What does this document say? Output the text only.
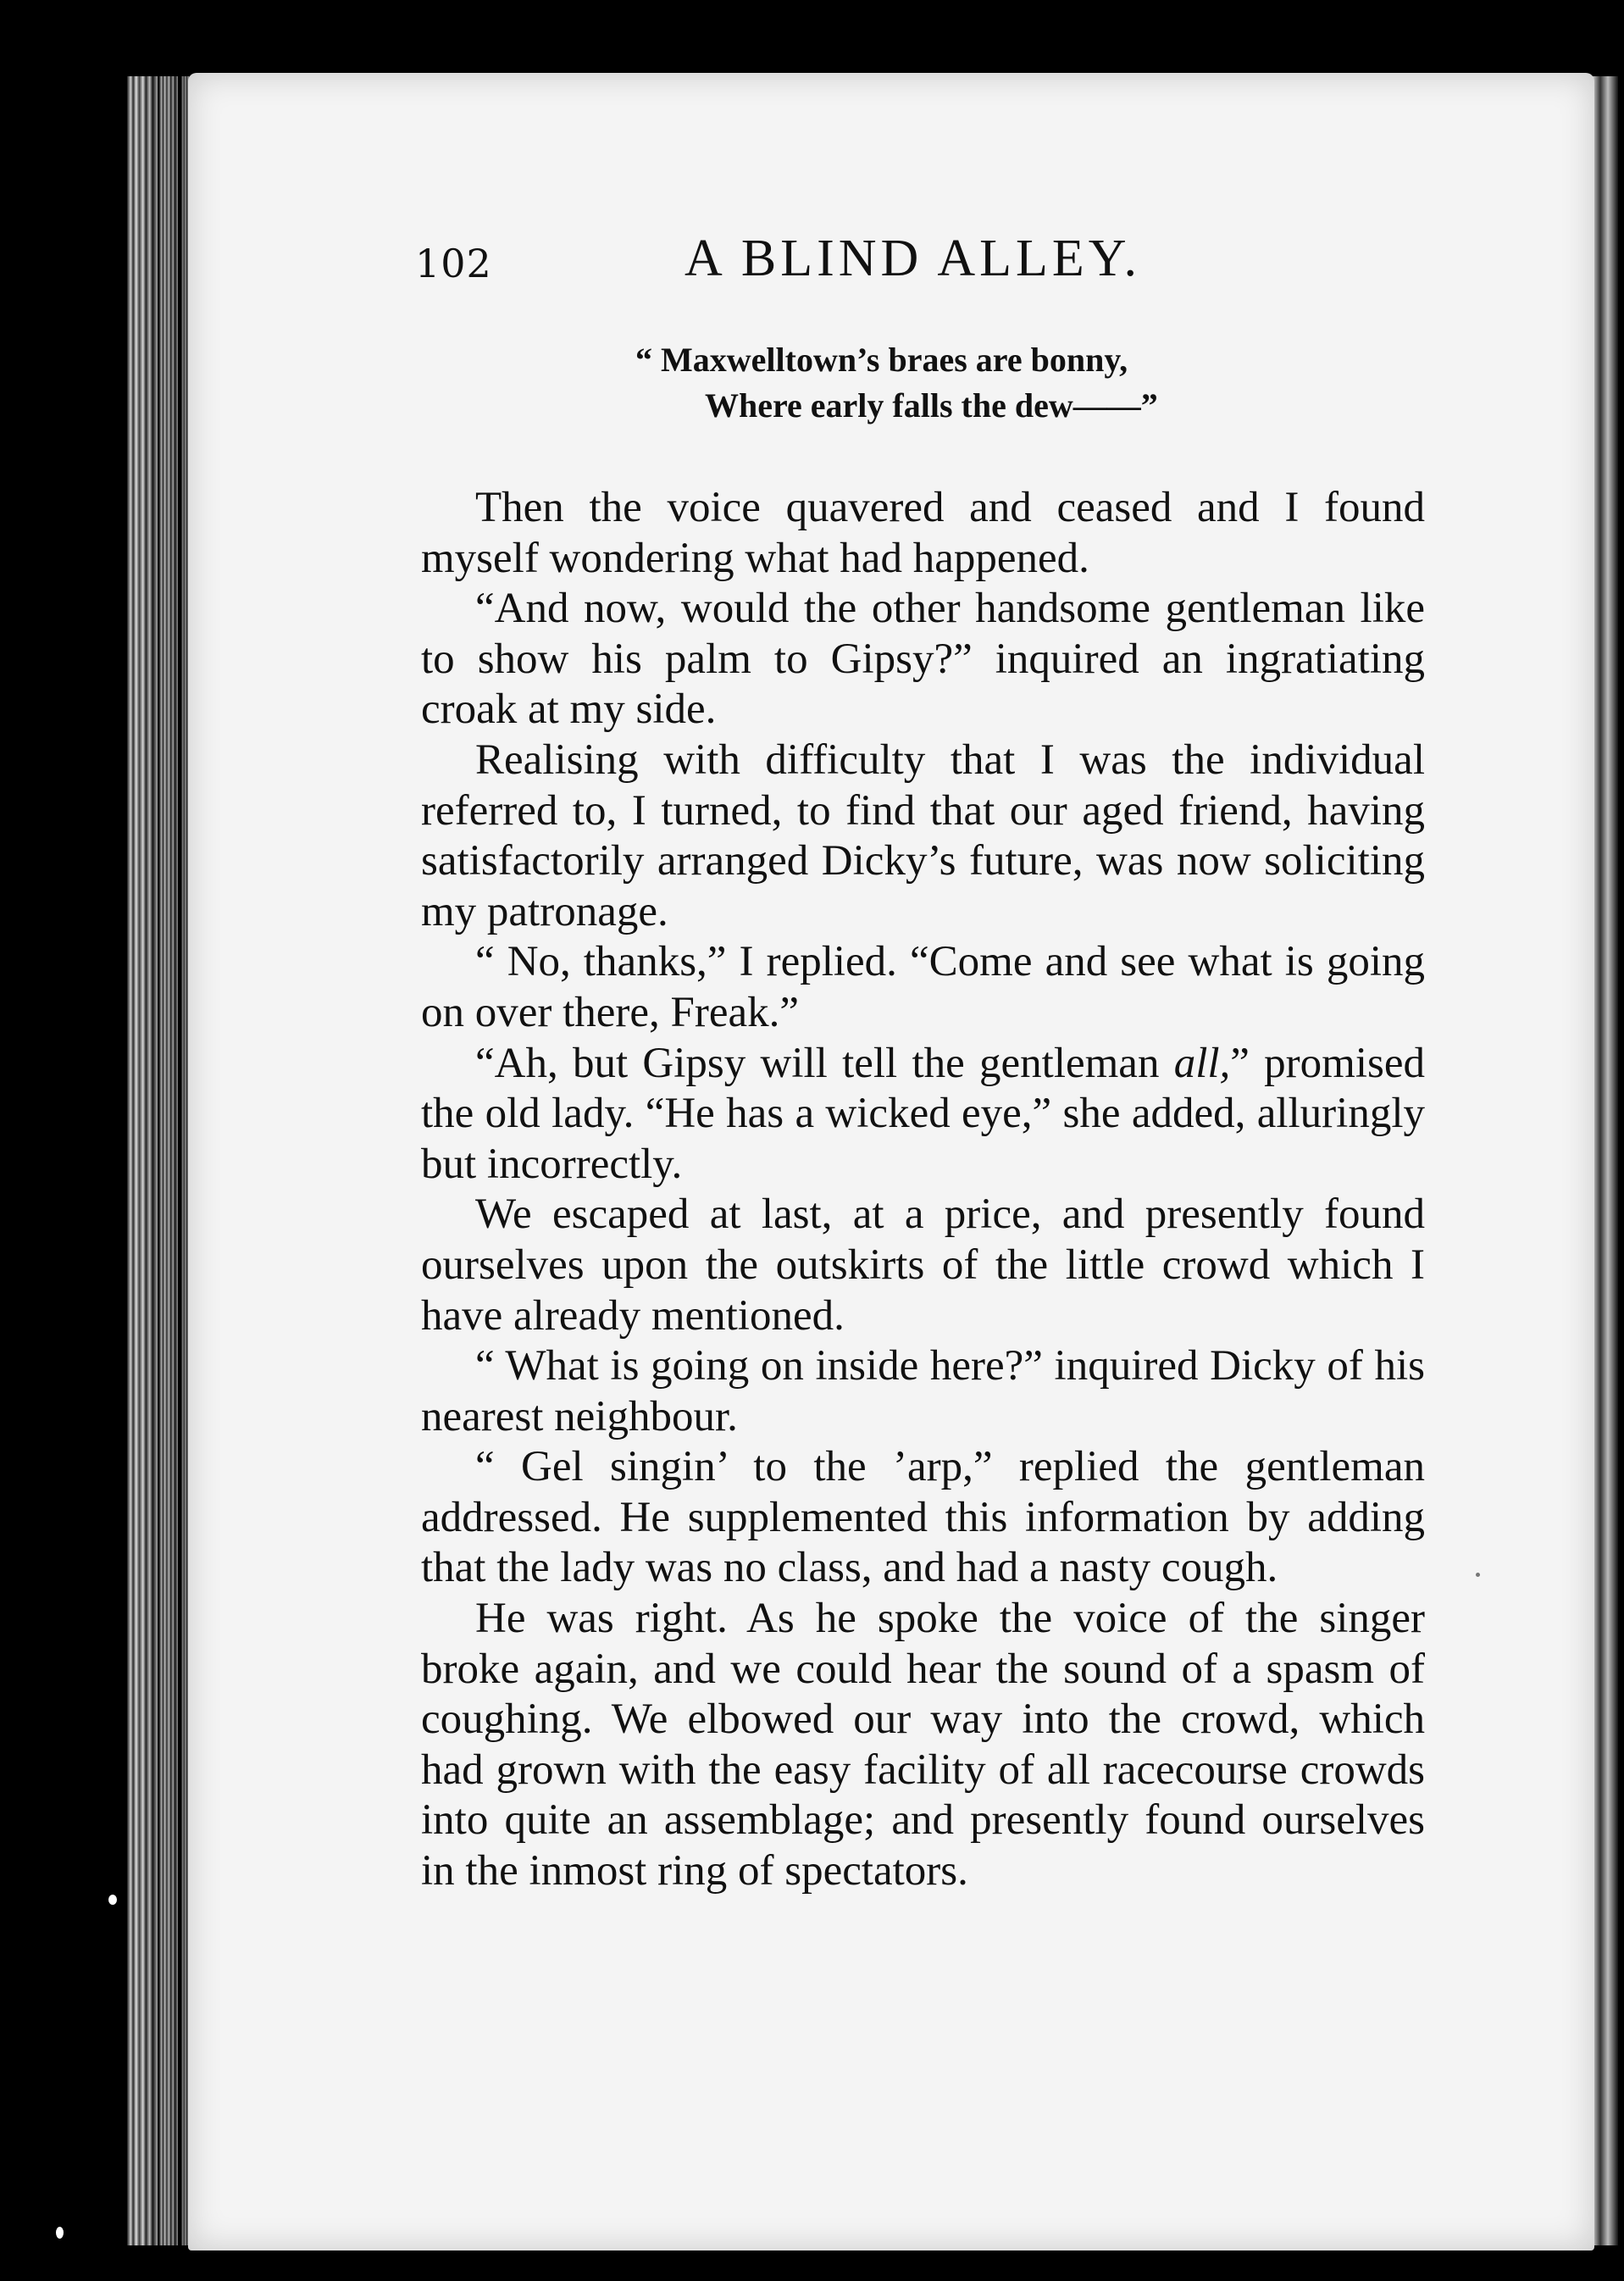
102	A BLIND ALLEY.
“ Maxwelltown’s braes are bonny,
Where early falls the dew——”

Then the voice quavered and ceased and I found myself wondering what had happened.

“And now, would the other handsome gentleman like to show his palm to Gipsy?” inquired an ingratiating croak at my side.

Realising with difficulty that I was the individual referred to, I turned, to find that our aged friend, having satisfactorily arranged Dicky’s future, was now soliciting my patronage.

“ No, thanks,” I replied. “Come and see what is going on over there, Freak.”

“Ah, but Gipsy will tell the gentleman all,” promised the old lady. “He has a wicked eye,” she added, alluringly but incorrectly.

We escaped at last, at a price, and presently found ourselves upon the outskirts of the little crowd which I have already mentioned.

“ What is going on inside here?” inquired Dicky of his nearest neighbour.

“ Gel singin’ to the ’arp,” replied the gentleman addressed. He supplemented this information by adding that the lady was no class, and had a nasty cough.

He was right. As he spoke the voice of the singer broke again, and we could hear the sound of a spasm of coughing. We elbowed our way into the crowd, which had grown with the easy facility of all racecourse crowds into quite an assemblage; and presently found ourselves in the inmost ring of spectators.
